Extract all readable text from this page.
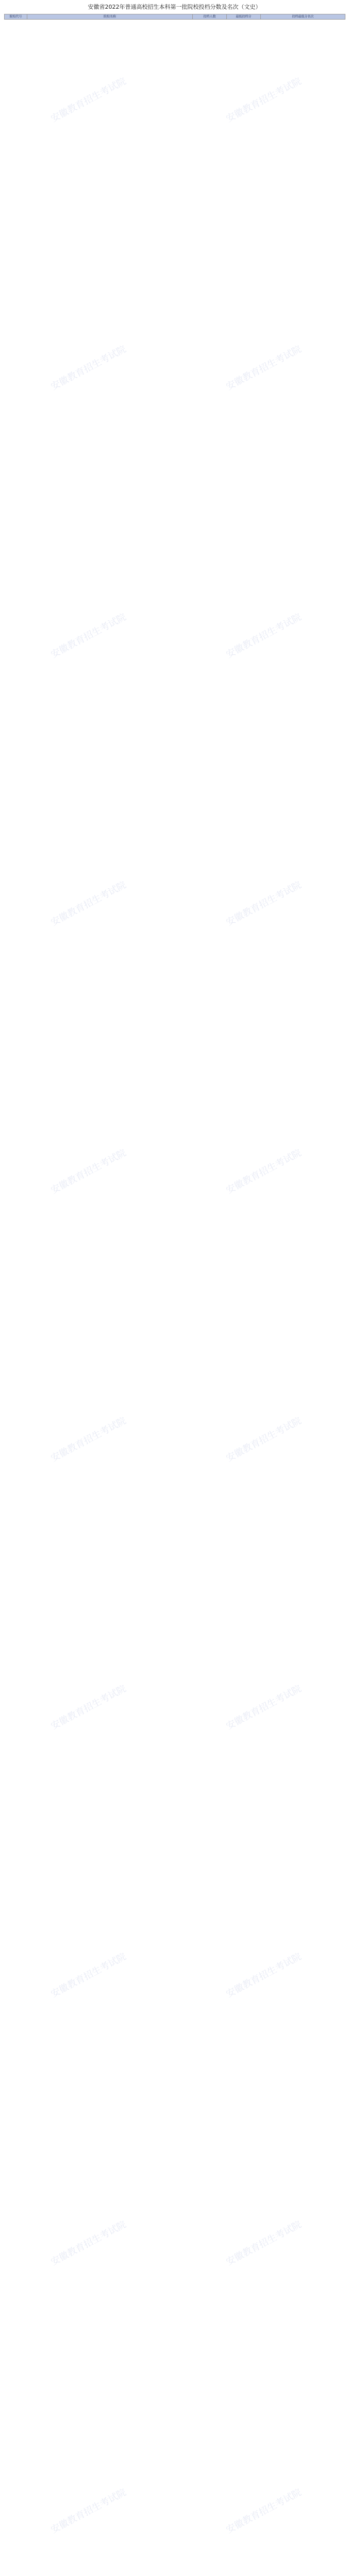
安徽省2022年普通高校招生本科第一批院校投档分数及名次（文史）
院校代号	院校名称	投档人数	最低投档分	投档最低分名次
安徽教育招生考试院	安徽教育招生考试院
安徽教育招生考试院	安徽教育招生考试院
安徽教育招生考试院	安徽教育招生考试院
安徽教育招生考试院	安徽教育招生考试院
安徽教育招生考试院	安徽教育招生考试院
安徽教育招生考试院	安徽教育招生考试院
安徽教育招生考试院	安徽教育招生考试院
安徽教育招生考试院	安徽教育招生考试院
安徽教育招生考试院	安徽教育招生考试院
安徽教育招生考试院	安徽教育招生考试院
